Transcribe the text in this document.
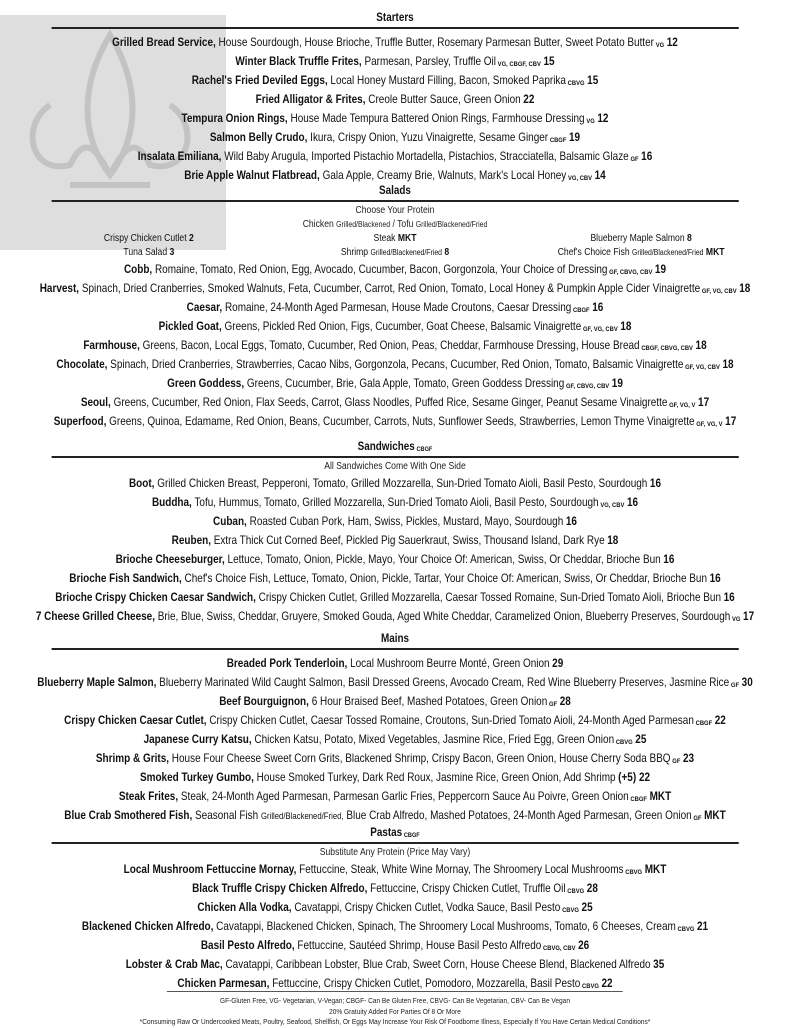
Starters
Grilled Bread Service, House Sourdough, House Brioche, Truffle Butter, Rosemary Parmesan Butter, Sweet Potato Butter VG 12
Winter Black Truffle Frites, Parmesan, Parsley, Truffle Oil VG, CBGF, CBV 15
Rachel's Fried Deviled Eggs, Local Honey Mustard Filling, Bacon, Smoked Paprika CBVG 15
Fried Alligator & Frites, Creole Butter Sauce, Green Onion 22
Tempura Onion Rings, House Made Tempura Battered Onion Rings, Farmhouse Dressing VG 12
Salmon Belly Crudo, Ikura, Crispy Onion, Yuzu Vinaigrette, Sesame Ginger CBGF 19
Insalata Emiliana, Wild Baby Arugula, Imported Pistachio Mortadella, Pistachios, Stracciatella, Balsamic Glaze GF 16
Brie Apple Walnut Flatbread, Gala Apple, Creamy Brie, Walnuts, Mark's Local Honey VG, CBV 14
Salads
Choose Your Protein
Chicken Grilled/Blackened / Tofu Grilled/Blackened/Fried
Crispy Chicken Cutlet 2	Steak MKT	Blueberry Maple Salmon 8
Tuna Salad 3	Shrimp Grilled/Blackened/Fried 8	Chef's Choice Fish Grilled/Blackened/Fried MKT
Cobb, Romaine, Tomato, Red Onion, Egg, Avocado, Cucumber, Bacon, Gorgonzola, Your Choice of Dressing GF, CBVG, CBV 19
Harvest, Spinach, Dried Cranberries, Smoked Walnuts, Feta, Cucumber, Carrot, Red Onion, Tomato, Local Honey & Pumpkin Apple Cider Vinaigrette GF, VG, CBV 18
Caesar, Romaine, 24-Month Aged Parmesan, House Made Croutons, Caesar Dressing CBGF 16
Pickled Goat, Greens, Pickled Red Onion, Figs, Cucumber, Goat Cheese, Balsamic Vinaigrette GF, VG, CBV 18
Farmhouse, Greens, Bacon, Local Eggs, Tomato, Cucumber, Red Onion, Peas, Cheddar, Farmhouse Dressing, House Bread CBGF, CBVG, CBV 18
Chocolate, Spinach, Dried Cranberries, Strawberries, Cacao Nibs, Gorgonzola, Pecans, Cucumber, Red Onion, Tomato, Balsamic Vinaigrette GF, VG, CBV 18
Green Goddess, Greens, Cucumber, Brie, Gala Apple, Tomato, Green Goddess Dressing GF, CBVG, CBV 19
Seoul, Greens, Cucumber, Red Onion, Flax Seeds, Carrot, Glass Noodles, Puffed Rice, Sesame Ginger, Peanut Sesame Vinaigrette GF, VG, V 17
Superfood, Greens, Quinoa, Edamame, Red Onion, Beans, Cucumber, Carrots, Nuts, Sunflower Seeds, Strawberries, Lemon Thyme Vinaigrette GF, VG, V 17
Sandwiches CBGF
All Sandwiches Come With One Side
Boot, Grilled Chicken Breast, Pepperoni, Tomato, Grilled Mozzarella, Sun-Dried Tomato Aioli, Basil Pesto, Sourdough 16
Buddha, Tofu, Hummus, Tomato, Grilled Mozzarella, Sun-Dried Tomato Aioli, Basil Pesto, Sourdough VG, CBV 16
Cuban, Roasted Cuban Pork, Ham, Swiss, Pickles, Mustard, Mayo, Sourdough 16
Reuben, Extra Thick Cut Corned Beef, Pickled Pig Sauerkraut, Swiss, Thousand Island, Dark Rye 18
Brioche Cheeseburger, Lettuce, Tomato, Onion, Pickle, Mayo, Your Choice Of: American, Swiss, Or Cheddar, Brioche Bun 16
Brioche Fish Sandwich, Chef's Choice Fish, Lettuce, Tomato, Onion, Pickle, Tartar, Your Choice Of: American, Swiss, Or Cheddar, Brioche Bun 16
Brioche Crispy Chicken Caesar Sandwich, Crispy Chicken Cutlet, Grilled Mozzarella, Caesar Tossed Romaine, Sun-Dried Tomato Aioli, Brioche Bun 16
7 Cheese Grilled Cheese, Brie, Blue, Swiss, Cheddar, Gruyere, Smoked Gouda, Aged White Cheddar, Caramelized Onion, Blueberry Preserves, Sourdough VG 17
Mains
Breaded Pork Tenderloin, Local Mushroom Beurre Monté, Green Onion 29
Blueberry Maple Salmon, Blueberry Marinated Wild Caught Salmon, Basil Dressed Greens, Avocado Cream, Red Wine Blueberry Preserves, Jasmine Rice GF 30
Beef Bourguignon, 6 Hour Braised Beef, Mashed Potatoes, Green Onion GF 28
Crispy Chicken Caesar Cutlet, Crispy Chicken Cutlet, Caesar Tossed Romaine, Croutons, Sun-Dried Tomato Aioli, 24-Month Aged Parmesan CBGF 22
Japanese Curry Katsu, Chicken Katsu, Potato, Mixed Vegetables, Jasmine Rice, Fried Egg, Green Onion CBVG 25
Shrimp & Grits, House Four Cheese Sweet Corn Grits, Blackened Shrimp, Crispy Bacon, Green Onion, House Cherry Soda BBQ GF 23
Smoked Turkey Gumbo, House Smoked Turkey, Dark Red Roux, Jasmine Rice, Green Onion, Add Shrimp (+5) 22
Steak Frites, Steak, 24-Month Aged Parmesan, Parmesan Garlic Fries, Peppercorn Sauce Au Poivre, Green Onion CBGF MKT
Blue Crab Smothered Fish, Seasonal Fish Grilled/Blackened/Fried, Blue Crab Alfredo, Mashed Potatoes, 24-Month Aged Parmesan, Green Onion GF MKT
Pastas CBGF
Substitute Any Protein (Price May Vary)
Local Mushroom Fettuccine Mornay, Fettuccine, Steak, White Wine Mornay, The Shroomery Local Mushrooms CBVG MKT
Black Truffle Crispy Chicken Alfredo, Fettuccine, Crispy Chicken Cutlet, Truffle Oil CBVG 28
Chicken Alla Vodka, Cavatappi, Crispy Chicken Cutlet, Vodka Sauce, Basil Pesto CBVG 25
Blackened Chicken Alfredo, Cavatappi, Blackened Chicken, Spinach, The Shroomery Local Mushrooms, Tomato, 6 Cheeses, Cream CBVG 21
Basil Pesto Alfredo, Fettuccine, Sautéed Shrimp, House Basil Pesto Alfredo CBVG, CBV 26
Lobster & Crab Mac, Cavatappi, Caribbean Lobster, Blue Crab, Sweet Corn, House Cheese Blend, Blackened Alfredo 35
Chicken Parmesan, Fettuccine, Crispy Chicken Cutlet, Pomodoro, Mozzarella, Basil Pesto CBVG 22
GF-Gluten Free, VG- Vegetarian, V-Vegan; CBGF- Can Be Gluten Free, CBVG- Can Be Vegetarian, CBV- Can Be Vegan
20% Gratuity Added For Parties Of 8 Or More
*Consuming Raw Or Undercooked Meats, Poultry, Seafood, Shellfish, Or Eggs May Increase Your Risk Of Foodborne Illness, Especially If You Have Certain Medical Conditions*
